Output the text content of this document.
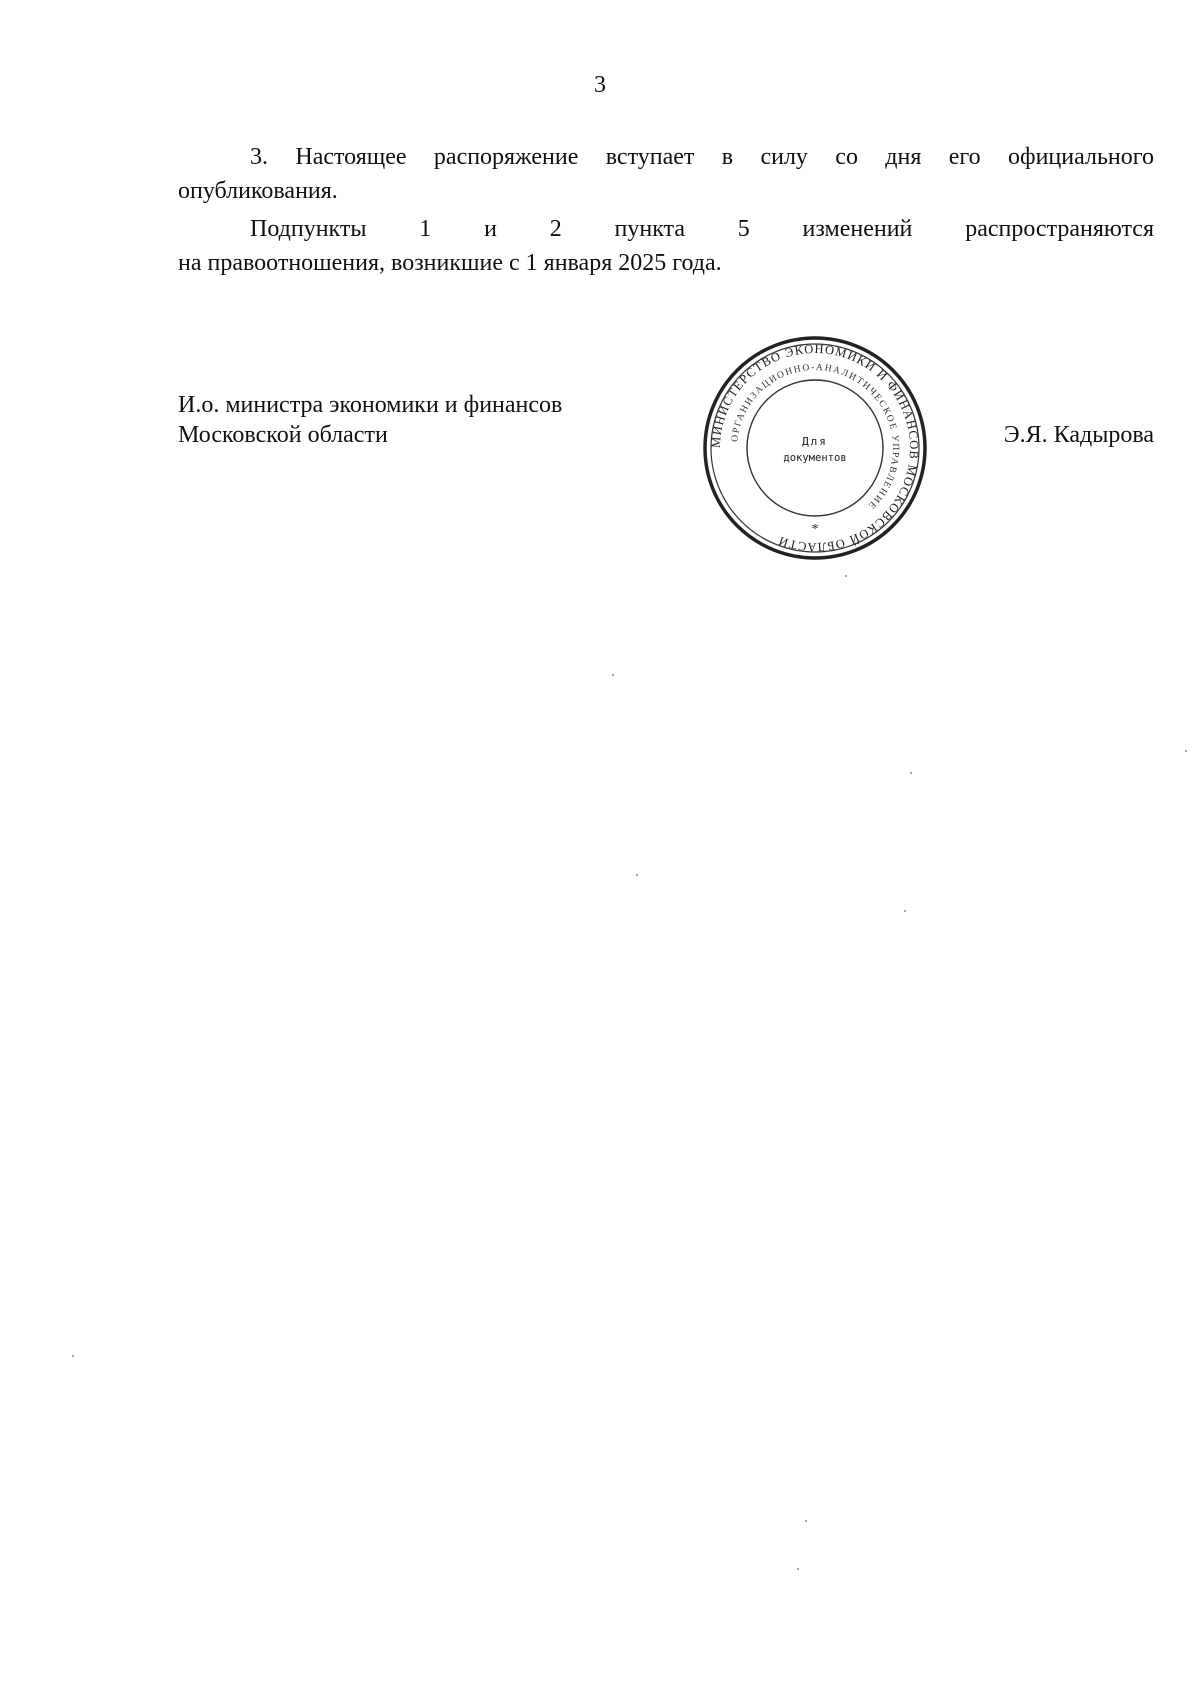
3
3. Настоящее распоряжение вступает в силу со дня его официального
опубликования.
Подпункты 1 и 2 пункта 5 изменений распространяются
на правоотношения, возникшие с 1 января 2025 года.
И.о. министра экономики и финансов
Московской области	Э.Я. Кадырова
МИНИСТЕРСТВО ЭКОНОМИКИ И ФИНАНСОВ МОСКОВСКОЙ ОБЛАСТИ
ОРГАНИЗАЦИОННО-АНАЛИТИЧЕСКОЕ УПРАВЛЕНИЕ
Для
документов
*
